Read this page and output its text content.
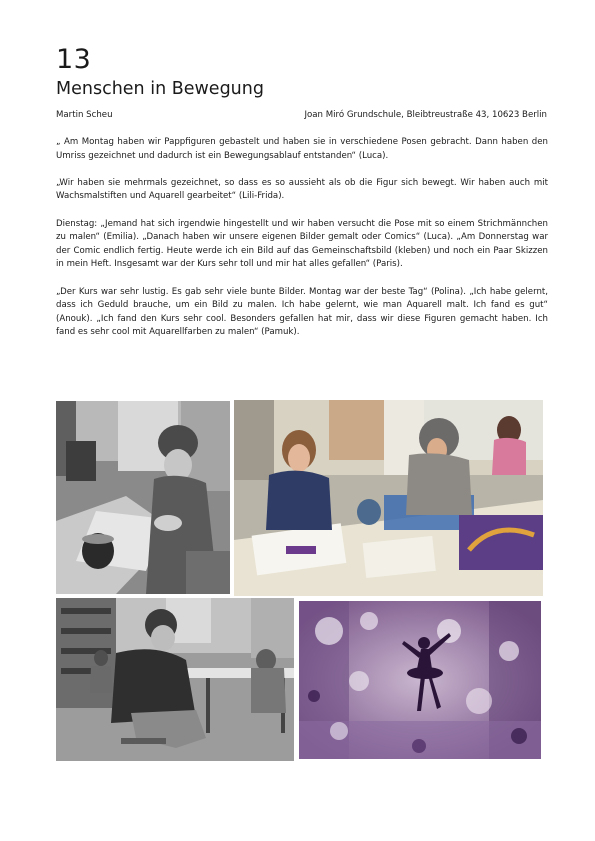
13
Menschen in Bewegung
Martin Scheu	Joan Miró Grundschule, Bleibtreustraße 43, 10623 Berlin

„ Am Montag haben wir Pappfiguren gebastelt und haben sie in verschiedene Posen gebracht. Dann haben den Umriss gezeichnet und dadurch ist ein Bewegungsablauf entstanden“ (Luca).

„Wir haben sie mehrmals gezeichnet, so dass es so aussieht als ob die Figur sich bewegt. Wir haben auch mit Wachsmalstiften und Aquarell gearbeitet“ (Lili-Frida).

Dienstag: „Jemand hat sich irgendwie hingestellt und wir haben versucht die Pose mit so einem Strichmännchen zu malen“ (Emilia). „Danach haben wir unsere eigenen Bilder gemalt oder Comics“ (Luca). „Am Donnerstag war der Comic endlich fertig. Heute werde ich ein Bild auf das Gemeinschaftsbild (kleben) und noch ein Paar Skizzen in mein Heft. Insgesamt war der Kurs sehr toll und mir hat alles gefallen“ (Paris).

„Der Kurs war sehr lustig. Es gab sehr viele bunte Bilder. Montag war der beste Tag“ (Polina). „Ich habe gelernt, dass ich Geduld brauche, um ein Bild zu malen. Ich habe gelernt, wie man Aquarell malt. Ich fand es gut“ (Anouk). „Ich fand den Kurs sehr cool. Besonders gefallen hat mir, dass wir diese Figuren gemacht haben. Ich fand es sehr cool mit Aquarellfarben zu malen“ (Pamuk).
